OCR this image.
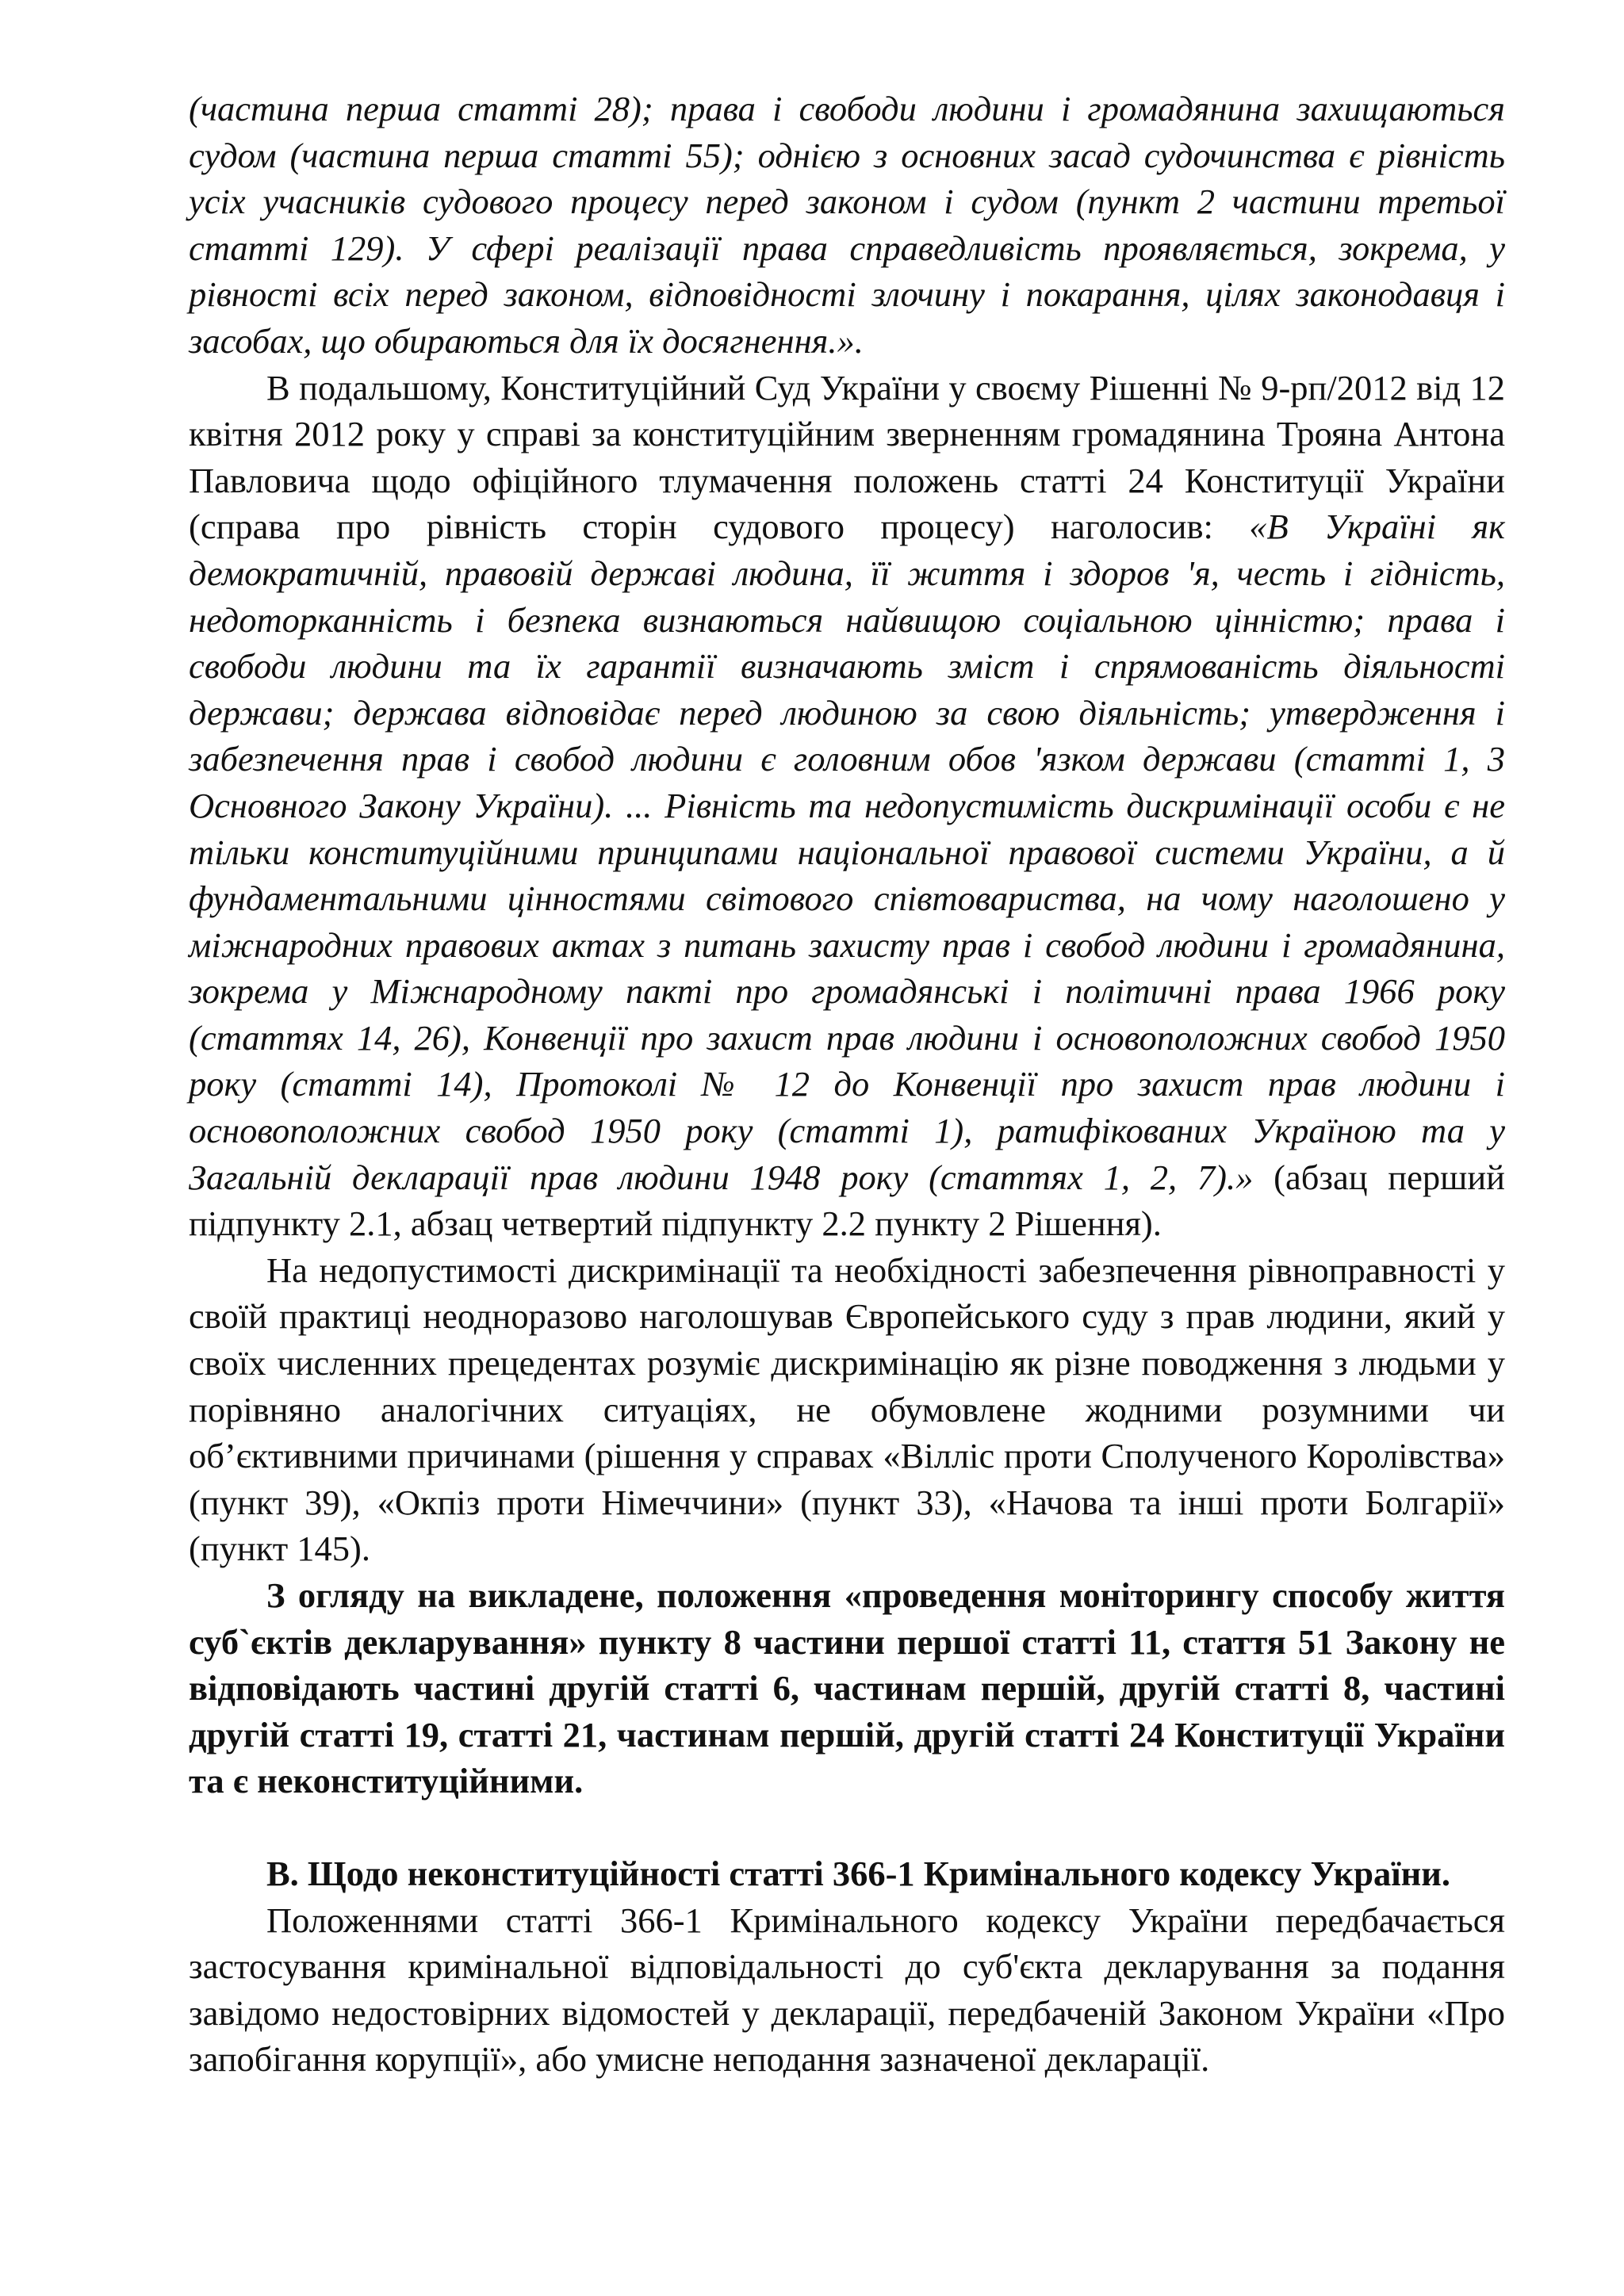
(частина перша статті 28); права і свободи людини і громадянина захищаються судом (частина перша статті 55); однією з основних засад судочинства є рівність усіх учасників судового процесу перед законом і судом (пункт 2 частини третьої статті 129). У сфері реалізації права справедливість проявляється, зокрема, у рівності всіх перед законом, відповідності злочину і покарання, цілях законодавця і засобах, що обираються для їх досягнення.».

В подальшому, Конституційний Суд України у своєму Рішенні № 9-рп/2012 від 12 квітня 2012 року у справі за конституційним зверненням громадянина Трояна Антона Павловича щодо офіційного тлумачення положень статті 24 Конституції України (справа про рівність сторін судового процесу) наголосив: «В Україні як демократичній, правовій державі людина, її життя і здоров 'я, честь і гідність, недоторканність і безпека визнаються найвищою соціальною цінністю; права і свободи людини та їх гарантії визначають зміст і спрямованість діяльності держави; держава відповідає перед людиною за свою діяльність; утвердження і забезпечення прав і свобод людини є головним обов 'язком держави (статті 1, 3 Основного Закону України). ... Рівність та недопустимість дискримінації особи є не тільки конституційними принципами національної правової системи України, а й фундаментальними цінностями світового співтовариства, на чому наголошено у міжнародних правових актах з питань захисту прав і свобод людини і громадянина, зокрема у Міжнародному пакті про громадянські і політичні права 1966 року (статтях 14, 26), Конвенції про захист прав людини і основоположних свобод 1950 року (статті 14), Протоколі № 12 до Конвенції про захист прав людини і основоположних свобод 1950 року (статті 1), ратифікованих Україною та у Загальній декларації прав людини 1948 року (статтях 1, 2, 7).» (абзац перший підпункту 2.1, абзац четвертий підпункту 2.2 пункту 2 Рішення).

На недопустимості дискримінації та необхідності забезпечення рівноправності у своїй практиці неодноразово наголошував Європейського суду з прав людини, який у своїх численних прецедентах розуміє дискримінацію як різне поводження з людьми у порівняно аналогічних ситуаціях, не обумовлене жодними розумними чи об’єктивними причинами (рішення у справах «Вілліс проти Сполученого Королівства» (пункт 39), «Окпіз проти Німеччини» (пункт 33), «Начова та інші проти Болгарії» (пункт 145).

З огляду на викладене, положення «проведення моніторингу способу життя суб`єктів декларування» пункту 8 частини першої статті 11, стаття 51 Закону не відповідають частині другій статті 6, частинам першій, другій статті 8, частині другій статті 19, статті 21, частинам першій, другій статті 24 Конституції України та є неконституційними.

В. Щодо неконституційності статті 366-1 Кримінального кодексу України.

Положеннями статті 366-1 Кримінального кодексу України передбачається застосування кримінальної відповідальності до суб'єкта декларування за подання завідомо недостовірних відомостей у декларації, передбаченій Законом України «Про запобігання корупції», або умисне неподання зазначеної декларації.
